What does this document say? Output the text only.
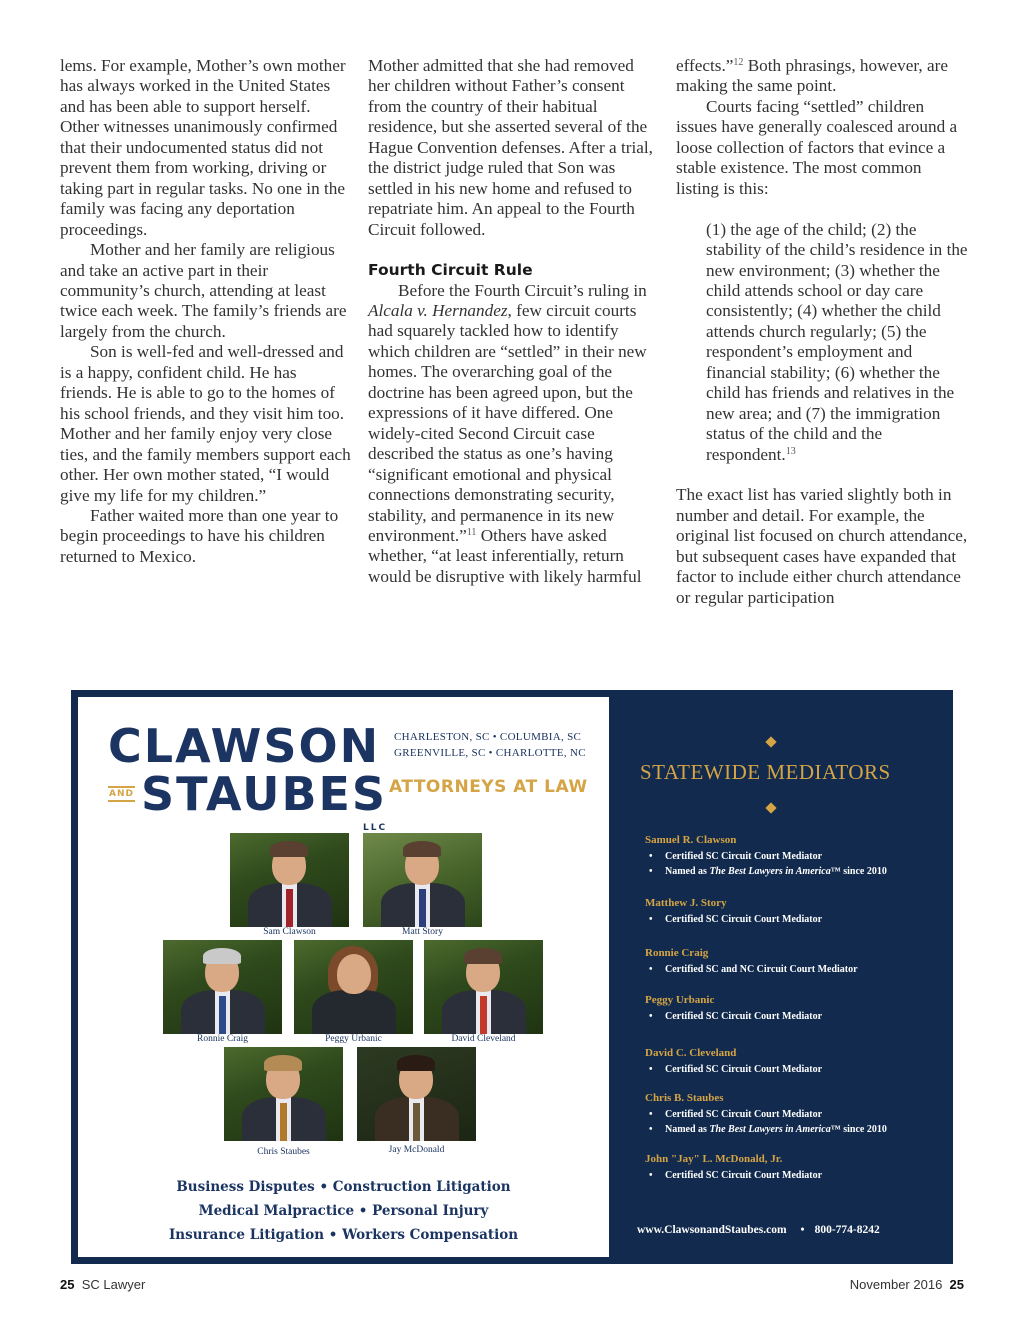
lems. For example, Mother’s own mother has always worked in the United States and has been able to support herself. Other witnesses unanimously confirmed that their undocumented status did not prevent them from working, driving or taking part in regular tasks. No one in the family was facing any deportation proceedings.

Mother and her family are religious and take an active part in their community’s church, attending at least twice each week. The family’s friends are largely from the church.

Son is well-fed and well-dressed and is a happy, confident child. He has friends. He is able to go to the homes of his school friends, and they visit him too. Mother and her family enjoy very close ties, and the family members support each other. Her own mother stated, “I would give my life for my children.”

Father waited more than one year to begin proceedings to have his children returned to Mexico.

Mother admitted that she had removed her children without Father’s consent from the country of their habitual residence, but she asserted several of the Hague Convention defenses. After a trial, the district judge ruled that Son was settled in his new home and refused to repatriate him. An appeal to the Fourth Circuit followed.

Fourth Circuit Rule

Before the Fourth Circuit’s ruling in Alcala v. Hernandez, few circuit courts had squarely tackled how to identify which children are “settled” in their new homes. The overarching goal of the doctrine has been agreed upon, but the expressions of it have differed. One widely-cited Second Circuit case described the status as one’s having “significant emotional and physical connections demonstrating security, stability, and permanence in its new environment.”$^{11}$ Others have asked whether, “at least inferentially, return would be disruptive with likely harmful

effects.”$^{12}$ Both phrasings, however, are making the same point.

Courts facing “settled” children issues have generally coalesced around a loose collection of factors that evince a stable existence. The most common listing is this:

(1) the age of the child; (2) the stability of the child’s residence in the new environment; (3) whether the child attends school or day care consistently; (4) whether the child attends church regularly; (5) the respondent’s employment and financial stability; (6) whether the child has friends and relatives in the new area; and (7) the immigration status of the child and the respondent.$^{13}$

The exact list has varied slightly both in number and detail. For example, the original list focused on church attendance, but subsequent cases have expanded that factor to include either church attendance or regular participation

CLAWSON
AND STAUBES
LLC
CHARLESTON, SC • COLUMBIA, SC
GREENVILLE, SC • CHARLOTTE, NC
ATTORNEYS AT LAW
Sam Clawson	Matt Story
Ronnie Craig	Peggy Urbanic	David Cleveland
Chris Staubes	Jay McDonald
Business Disputes • Construction Litigation
Medical Malpractice • Personal Injury
Insurance Litigation • Workers Compensation
STATEWIDE MEDIATORS
Samuel R. Clawson
• Certified SC Circuit Court Mediator
• Named as The Best Lawyers in America™ since 2010
Matthew J. Story
• Certified SC Circuit Court Mediator
Ronnie Craig
• Certified SC and NC Circuit Court Mediator
Peggy Urbanic
• Certified SC Circuit Court Mediator
David C. Cleveland
• Certified SC Circuit Court Mediator
Chris B. Staubes
• Certified SC Circuit Court Mediator
• Named as The Best Lawyers in America™ since 2010
John "Jay" L. McDonald, Jr.
• Certified SC Circuit Court Mediator
www.ClawsonandStaubes.com • 800-774-8242
25 SC Lawyer	November 2016 25
